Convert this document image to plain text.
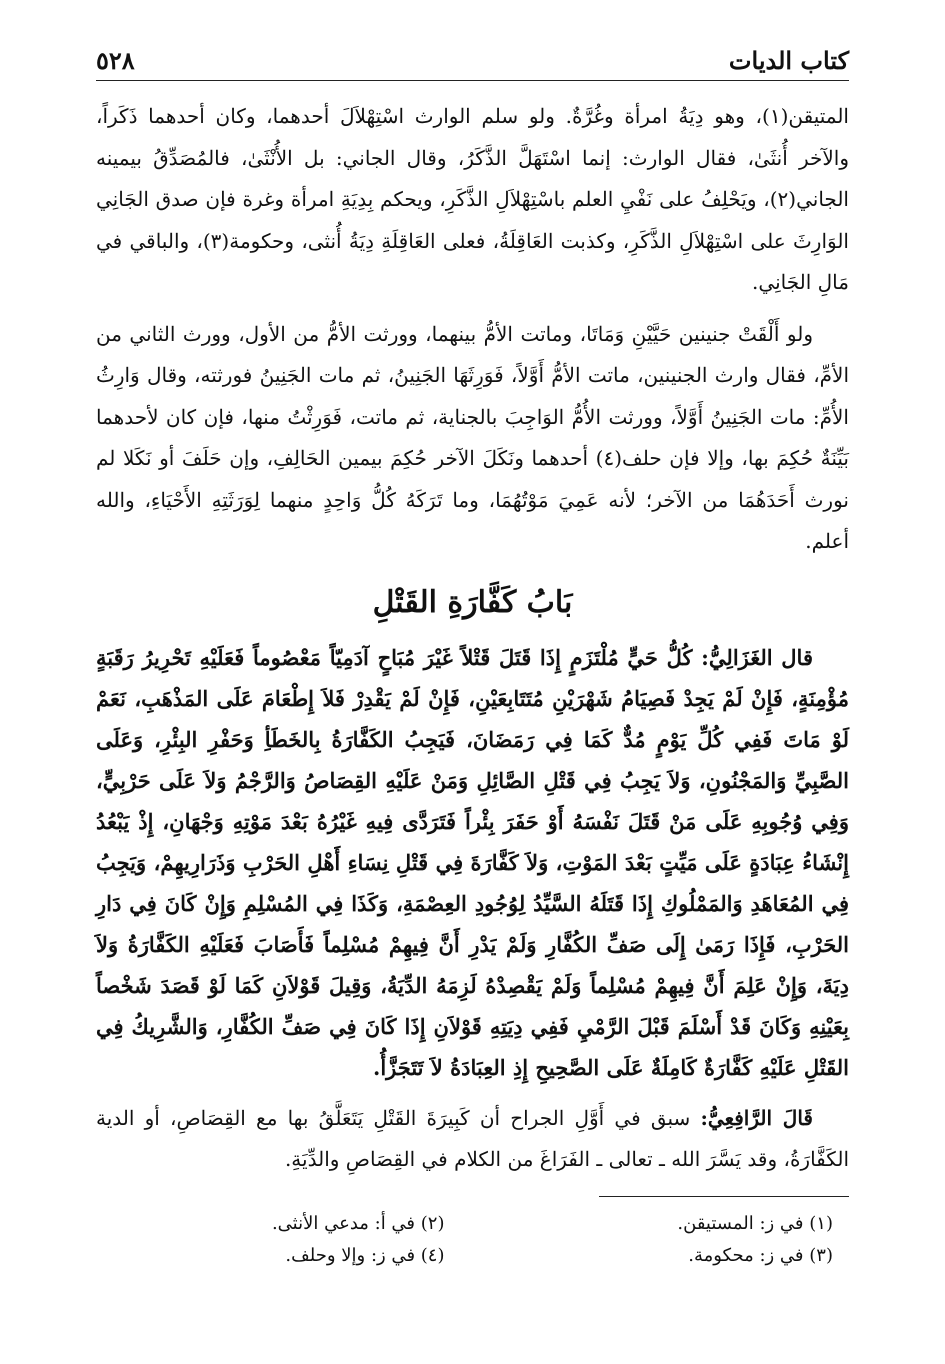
كتاب الديات
٥٢٨

المتيقن(١)، وهو دِيَةُ امرأة وغُرَّةٌ. ولو سلم الوارث اسْتِهْلاَلَ أحدهما، وكان أحدهما ذَكَراً، والآخر أُنثَىٰ، فقال الوارث: إنما اسْتَهَلَّ الذَّكَرُ، وقال الجاني: بل الأُنْثَىٰ، فالمُصَدِّقُ بيمينه الجاني(٢)، ويَحْلِفُ على نَفْيِ العلم باسْتِهْلاَلِ الذَّكَرِ، ويحكم بِدِيَةِ امرأة وغرة فإن صدق الجَانِي الوَارِثَ على اسْتِهْلاَلِ الذَّكَرِ، وكذبت العَاقِلَةُ، فعلى العَاقِلَةِ دِيَةُ أُنثى، وحكومة(٣)، والباقي في مَالِ الجَانِي.

ولو أَلْقَتْ جنينين حَيَّيْنِ وَمَاتَا، وماتت الأمُّ بينهما، وورثت الأمُّ من الأول، وورث الثاني من الأمِّ، فقال وارث الجنينين، ماتت الأمُّ أَوَّلاً، فَوَرِثَهَا الجَنِينُ، ثم مات الجَنِينُ فورثته، وقال وَارِثُ الأُمِّ: مات الجَنِينُ أَوَّلاً، وورثت الأُمُّ الوَاجِبَ بالجناية، ثم ماتت، فَوَرِثْتُ منها، فإن كان لأحدهما بَيِّنَةٌ حُكِمَ بها، وإلا فإن حلف(٤) أحدهما ونَكَلَ الآخر حُكِمَ بيمين الحَالِفِ، وإن حَلَفَ أو نَكَلا لم نورث أَحَدَهُمَا من الآخر؛ لأنه عَمِيَ مَوْتُهُمَا، وما تَرَكَهُ كُلُّ وَاحِدٍ منهما لِوَرَثَتِهِ الأَحْيَاءِ، والله أعلم.

بَابُ كَفَّارَةِ القَتْلِ

قال الغَزَالِيُّ: كُلُّ حَيٍّ مُلْتَزَمٍ إِذَا قَتَلَ قَتْلاً غَيْرَ مُبَاحٍ آدَمِيّاً مَعْصُوماً فَعَلَيْهِ تَحْرِيرُ رَقَبَةٍ مُؤْمِنَةٍ، فَإِنْ لَمْ يَجِدْ فَصِيَامُ شَهْرَيْنِ مُتَتَابِعَيْنِ، فَإِنْ لَمْ يَقْدِرْ فَلاَ إِطْعَامَ عَلَى المَذْهَبِ، نَعَمْ لَوْ مَاتَ فَفِي كُلِّ يَوْمٍ مُدٌّ كَمَا فِي رَمَضَانَ، فَيَجِبُ الكَفَّارَةُ بِالخَطَأِ وَحَفْرِ البِئْرِ، وَعَلَى الصَّبِيِّ وَالمَجْنُونِ، وَلاَ يَجِبُ فِي قَتْلِ الصَّائِلِ وَمَنْ عَلَيْهِ القِصَاصُ وَالرَّجْمُ وَلاَ عَلَى حَرْبِيٍّ، وَفِي وُجُوبِهِ عَلَى مَنْ قَتَلَ نَفْسَهُ أَوْ حَفَرَ بِئْراً فَتَرَدَّى فِيهِ غَيْرُهُ بَعْدَ مَوْتِهِ وَجْهَانِ، إِذْ يَبْعُدُ إِنْشَاءُ عِبَادَةٍ عَلَى مَيِّتٍ بَعْدَ المَوْتِ، وَلاَ كَفَّارَةَ فِي قَتْلِ نِسَاءِ أَهْلِ الحَرْبِ وَذَرَارِيهِمْ، وَيَجِبُ فِي المُعَاهَدِ وَالمَمْلُوكِ إِذَا قَتَلَهُ السَّيِّدُ لِوُجُودِ العِصْمَةِ، وَكَذَا فِي المُسْلِمِ وَإِنْ كَانَ فِي دَارِ الحَرْبِ، فَإِذَا رَمَىٰ إِلَى صَفِّ الكُفَّارِ وَلَمْ يَدْرِ أَنَّ فِيهِمْ مُسْلِماً فَأَصَابَ فَعَلَيْهِ الكَفَّارَةُ وَلاَ دِيَةَ، وَإِنْ عَلِمَ أَنَّ فِيهِمْ مُسْلِماً وَلَمْ يَقْصِدْهُ لَزِمَهُ الدِّيَةُ، وَقِيلَ قَوْلاَنِ كَمَا لَوْ قَصَدَ شَخْصاً بِعَيْنِهِ وَكَانَ قَدْ أَسْلَمَ قَبْلَ الرَّمْيِ فَفِي دِيَتِهِ قَوْلاَنِ إِذَا كَانَ فِي صَفِّ الكُفَّارِ، وَالشَّرِيكُ فِي القَتْلِ عَلَيْهِ كَفَّارَةٌ كَامِلَةٌ عَلَى الصَّحِيحِ إِذِ العِبَادَةُ لاَ تَتَجَزَّأُ.

قَالَ الرَّافِعِيُّ: سبق في أَوَّلِ الجراح أن كَبِيرَةَ القَتْلِ يَتَعَلَّقُ بها مع القِصَاصِ، أو الدية الكَفَّارَةُ، وقد يَسَّرَ الله ـ تعالى ـ الفَرَاغَ من الكلام في القِصَاصِ والدِّيَةِ.

(١) في ز: المستيقن.
(٢) في أ: مدعي الأنثى.
(٣) في ز: محكومة.
(٤) في ز: وإلا وحلف.
